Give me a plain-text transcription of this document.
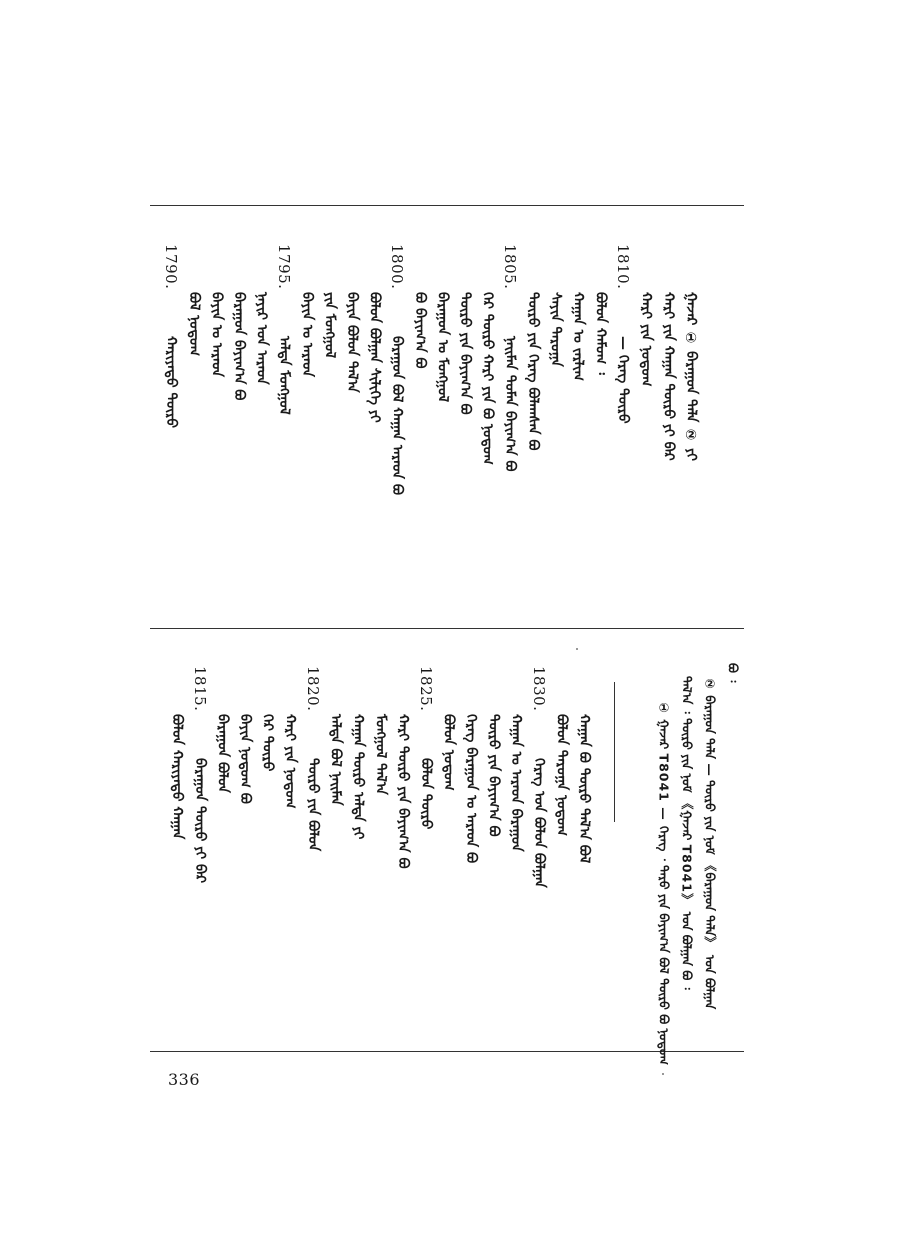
ᠭᠠᠵᠠᠷ ① ᠪᠠᠷᠠᠭᠤᠨ ᠳᠠᠯᠠ ② ᠶᠢ
ᠬᠠᠷᠢ ᠶᠢᠨ ᠬᠠᠭᠠᠨ ᠲᠥᠷᠥ ᠶᠢ ᠪᠠᠷ
ᠬᠠᠷᠢ ᠶᠢᠨ ᠨᠣᠲᠤᠭ
1810.
— ᠬᠡᠷᠡᠭ ᠲᠥᠷᠥ
ᠪᠣᠯᠤᠨ ᠬᠠᠮᠤᠭ ᠄
ᠬᠠᠭᠠᠨ ᠤ ᠵᠠᠷᠯᠢᠭ
ᠰᠠᠶᠢᠨ ᠳᠠᠷᠤᠭᠠ
ᠲᠥᠷᠥ ᠶᠢᠨ ᠬᠡᠷᠡᠭ ᠪᠣᠯᠠᠭᠰᠠᠨ ᠪᠣ
1805.
ᠨᠠᠢᠮᠠᠨ ᠲᠤᠮᠡᠨ ᠪᠠᠶᠢᠭ᠎ᠠ ᠪᠣ
ᠬᠡᠷ ᠲᠥᠷᠥ ᠬᠠᠷᠢ ᠶᠢᠨ ᠪᠣ ᠨᠣᠲᠤᠭ
ᠲᠥᠷᠥ ᠶᠢᠨ ᠪᠠᠶᠢᠭ᠎ᠠ ᠪᠣ
ᠪᠠᠷᠠᠭᠤᠨ ᠤ ᠮᠣᠩᠭᠣᠯ
ᠪᠣ ᠪᠠᠶᠢᠭ᠎ᠠ ᠪᠣ
1800.
ᠪᠠᠷᠠᠭᠤᠨ ᠪᠣᠯ ᠬᠠᠭᠠᠨ ᠠᠷᠠᠳ ᠪᠣ
ᠪᠣᠯᠤᠨ ᠪᠣᠯᠭᠠᠨ ᠰᠢᠯᠢᠭᠡ ᠶᠢ
ᠪᠠᠶᠢᠨ ᠪᠣᠯᠤᠨ ᠲᠠᠯ᠎ᠠ
ᠶᠢᠨ ᠮᠣᠩᠭᠣᠯ
ᠪᠠᠶᠢᠨ ᠤ ᠠᠷᠠᠳ
1795.
ᠠᠯᠲᠠ ᠮᠣᠩᠭᠣᠯ
ᠨᠠᠶᠢᠷ ᠤᠨ ᠠᠷᠠᠳ
ᠪᠠᠷᠠᠭᠤᠨ ᠪᠠᠶᠢᠭ᠎ᠠ ᠪᠣ
ᠪᠠᠶᠢᠨ ᠤ ᠠᠷᠠᠳ
ᠪᠣᠯ ᠨᠣᠲᠤᠭ
1790.
ᠬᠠᠷᠢᠶᠠᠲᠤ ᠲᠥᠷᠥ
ᠬᠠᠭᠠᠨ ᠪᠣ ᠲᠥᠷᠥ ᠲᠠᠯ᠎ᠠ ᠪᠣᠯ
ᠪᠣᠯᠤᠨ ᠳᠠᠷᠤᠭᠠ ᠨᠣᠲᠤᠭ
1830.
ᠬᠡᠷᠡᠭ ᠤᠨ ᠪᠣᠯᠤᠨ ᠪᠣᠯᠭᠠᠨ
ᠬᠠᠭᠠᠨ ᠤ ᠠᠷᠠᠳ ᠪᠠᠷᠠᠭᠤᠨ
ᠲᠥᠷᠥ ᠶᠢᠨ ᠪᠠᠶᠢᠭ᠎ᠠ ᠪᠣ
ᠬᠡᠷᠡᠭ ᠪᠠᠷᠠᠭᠤᠨ ᠤ ᠠᠷᠠᠳ ᠪᠣ
ᠪᠣᠯᠤᠨ ᠨᠣᠲᠤᠭ
1825.
ᠪᠣᠯᠤᠨ ᠲᠥᠷᠥ
ᠬᠠᠷᠢ ᠲᠥᠷᠥ ᠶᠢᠨ ᠪᠠᠶᠢᠭ᠎ᠠ ᠪᠣ
ᠮᠣᠩᠭᠣᠯ ᠲᠠᠯ᠎ᠠ
ᠬᠠᠭᠠᠨ ᠲᠥᠷᠥ ᠠᠯᠲᠠ ᠶᠢ
ᠠᠯᠲᠠ ᠪᠣᠯ ᠨᠠᠢᠮᠠᠨ
1820.
ᠲᠥᠷᠥ ᠶᠢᠨ ᠪᠣᠯᠤᠨ
ᠬᠠᠷᠢ ᠶᠢᠨ ᠨᠣᠲᠤᠭ
ᠬᠡᠷ ᠲᠥᠷᠥ
ᠪᠠᠶᠢᠨ ᠨᠣᠲᠤᠭ ᠪᠣ
ᠪᠠᠷᠠᠭᠤᠨ ᠪᠣᠯᠤᠨ
1815.
ᠪᠠᠷᠠᠭᠤᠨ ᠲᠥᠷᠥ ᠶᠢ ᠪᠠᠷ
ᠪᠣᠯᠤᠨ ᠬᠠᠷᠢᠶᠠᠲᠤ ᠬᠠᠭᠠᠨ
ᠪᠣ ᠄
② ᠪᠠᠷᠠᠭᠤᠨ ᠳᠠᠯᠠ — ᠲᠥᠷᠥ ᠶᠢᠨ ᠨᠣᠮ 《ᠪᠠᠷᠠᠭᠤᠨ ᠳᠠᠯᠠ》 ᠤᠨ ᠪᠣᠯᠭᠠᠨ
ᠲᠠᠯ᠎ᠠ ᠄ ᠲᠥᠷᠥ ᠶᠢᠨ ᠨᠣᠮ 《ᠭᠠᠵᠠᠷ T8041》 ᠤᠨ ᠪᠣᠯᠭᠠᠨ ᠪᠣ ᠄
① ᠭᠠᠵᠠᠷ T8041 — ᠬᠡᠷᠡᠭ ᠂ ᠳᠠᠷᠤ ᠶᠢᠨ ᠪᠠᠶᠢᠭ᠎ᠠ ᠪᠣᠯ ᠲᠥᠷᠥ ᠪᠣ ᠨᠣᠲᠤᠭ
336
